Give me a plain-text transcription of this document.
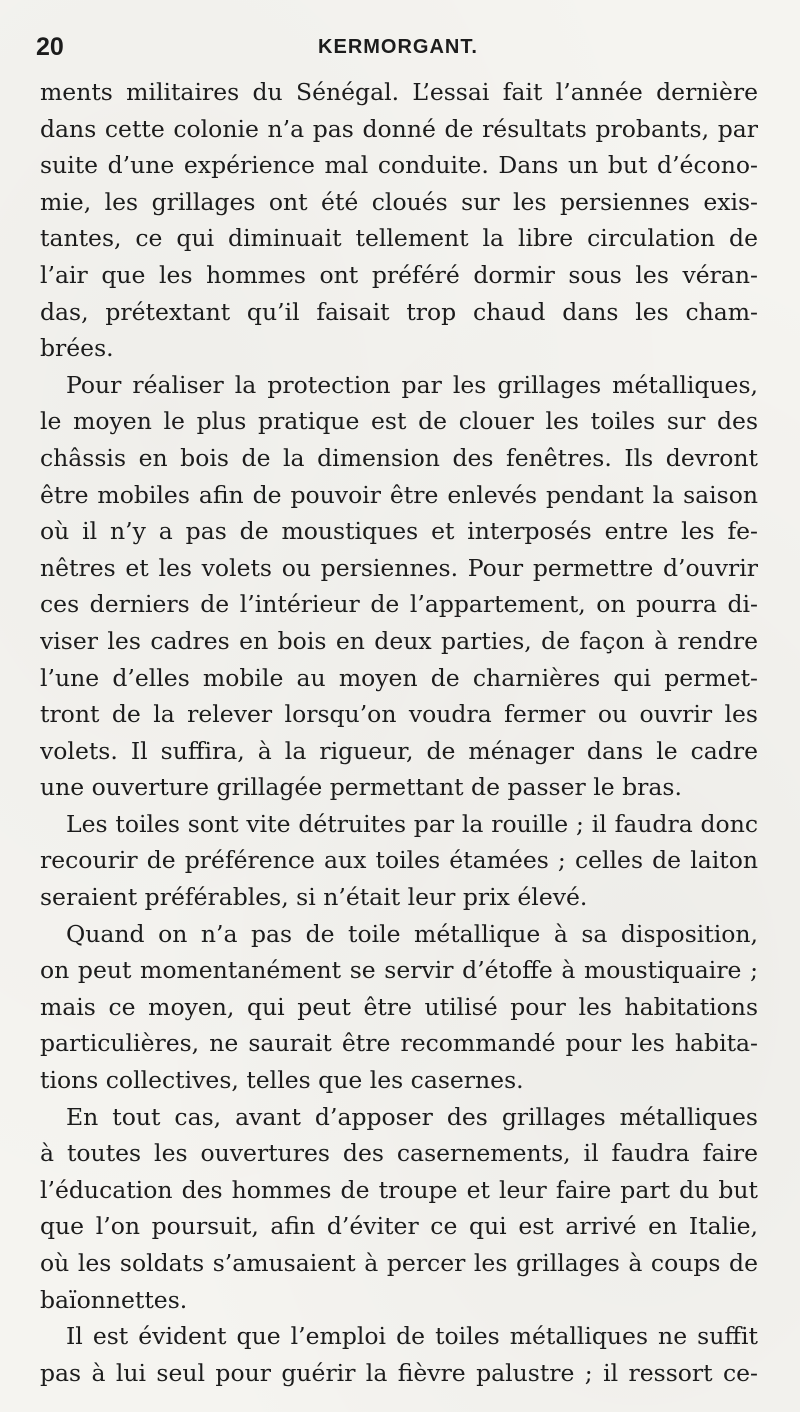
20	KERMORGANT.
ments militaires du Sénégal. L’essai fait l’année dernière
dans cette colonie n’a pas donné de résultats probants, par
suite d’une expérience mal conduite. Dans un but d’écono-
mie, les grillages ont été cloués sur les persiennes exis-
tantes, ce qui diminuait tellement la libre circulation de
l’air que les hommes ont préféré dormir sous les véran-
das, prétextant qu’il faisait trop chaud dans les cham-
brées.
Pour réaliser la protection par les grillages métalliques,
le moyen le plus pratique est de clouer les toiles sur des
châssis en bois de la dimension des fenêtres. Ils devront
être mobiles afin de pouvoir être enlevés pendant la saison
où il n’y a pas de moustiques et interposés entre les fe-
nêtres et les volets ou persiennes. Pour permettre d’ouvrir
ces derniers de l’intérieur de l’appartement, on pourra di-
viser les cadres en bois en deux parties, de façon à rendre
l’une d’elles mobile au moyen de charnières qui permet-
tront de la relever lorsqu’on voudra fermer ou ouvrir les
volets. Il suffira, à la rigueur, de ménager dans le cadre
une ouverture grillagée permettant de passer le bras.
Les toiles sont vite détruites par la rouille ; il faudra donc
recourir de préférence aux toiles étamées ; celles de laiton
seraient préférables, si n’était leur prix élevé.
Quand on n’a pas de toile métallique à sa disposition,
on peut momentanément se servir d’étoffe à moustiquaire ;
mais ce moyen, qui peut être utilisé pour les habitations
particulières, ne saurait être recommandé pour les habita-
tions collectives, telles que les casernes.
En tout cas, avant d’apposer des grillages métalliques
à toutes les ouvertures des casernements, il faudra faire
l’éducation des hommes de troupe et leur faire part du but
que l’on poursuit, afin d’éviter ce qui est arrivé en Italie,
où les soldats s’amusaient à percer les grillages à coups de
baïonnettes.
Il est évident que l’emploi de toiles métalliques ne suffit
pas à lui seul pour guérir la fièvre palustre ; il ressort ce-
